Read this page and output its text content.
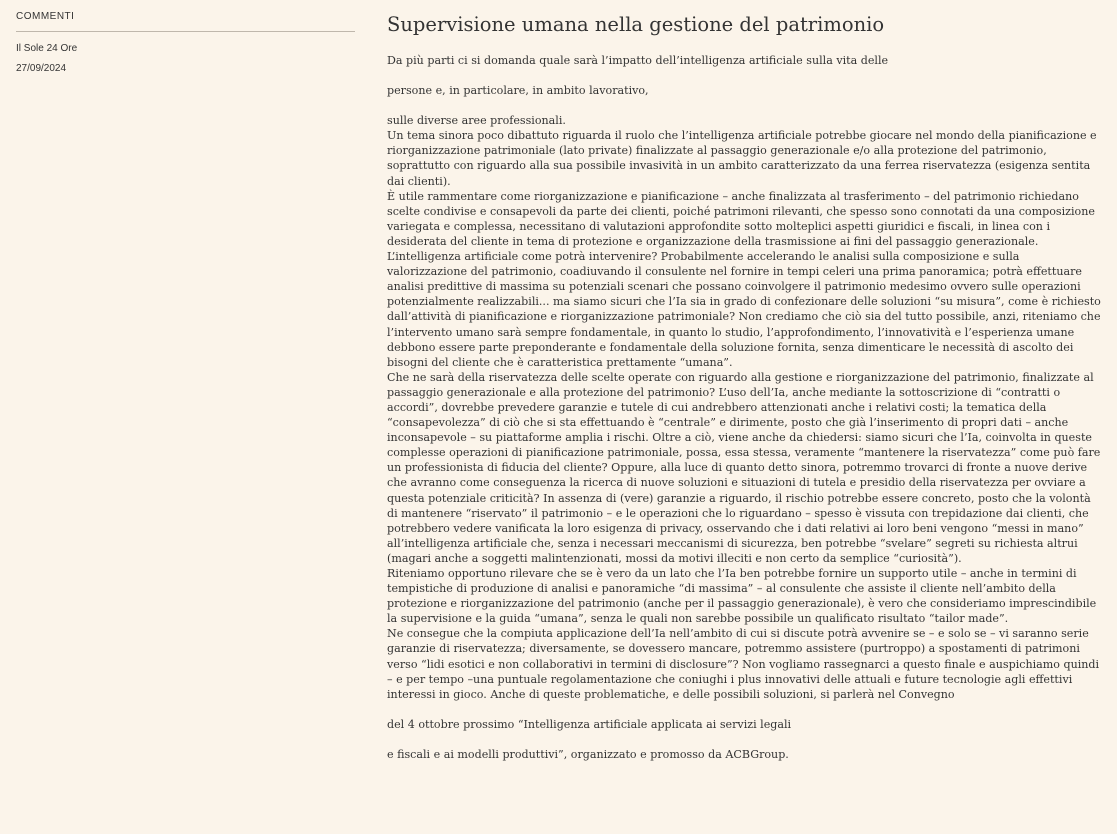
COMMENTI
Il Sole 24 Ore
27/09/2024
Supervisione umana nella gestione del patrimonio

Da più parti ci si domanda quale sarà l’impatto dell’intelligenza artificiale sulla vita delle

persone e, in particolare, in ambito lavorativo,

sulle diverse aree professionali.

Un tema sinora poco dibattuto riguarda il ruolo che l’intelligenza artificiale potrebbe giocare nel mondo della pianificazione e riorganizzazione patrimoniale (lato private) finalizzate al passaggio generazionale e/o alla protezione del patrimonio, soprattutto con riguardo alla sua possibile invasività in un ambito caratterizzato da una ferrea riservatezza (esigenza sentita dai clienti).

È utile rammentare come riorganizzazione e pianificazione – anche finalizzata al trasferimento – del patrimonio richiedano scelte condivise e consapevoli da parte dei clienti, poiché patrimoni rilevanti, che spesso sono connotati da una composizione variegata e complessa, necessitano di valutazioni approfondite sotto molteplici aspetti giuridici e fiscali, in linea con i desiderata del cliente in tema di protezione e organizzazione della trasmissione ai fini del passaggio generazionale.

L’intelligenza artificiale come potrà intervenire? Probabilmente accelerando le analisi sulla composizione e sulla valorizzazione del patrimonio, coadiuvando il consulente nel fornire in tempi celeri una prima panoramica; potrà effettuare analisi predittive di massima su potenziali scenari che possano coinvolgere il patrimonio medesimo ovvero sulle operazioni potenzialmente realizzabili... ma siamo sicuri che l’Ia sia in grado di confezionare delle soluzioni “su misura”, come è richiesto dall’attività di pianificazione e riorganizzazione patrimoniale? Non crediamo che ciò sia del tutto possibile, anzi, riteniamo che l’intervento umano sarà sempre fondamentale, in quanto lo studio, l’approfondimento, l’innovatività e l’esperienza umane debbono essere parte preponderante e fondamentale della soluzione fornita, senza dimenticare le necessità di ascolto dei bisogni del cliente che è caratteristica prettamente “umana”.

Che ne sarà della riservatezza delle scelte operate con riguardo alla gestione e riorganizzazione del patrimonio, finalizzate al passaggio generazionale e alla protezione del patrimonio? L’uso dell’Ia, anche mediante la sottoscrizione di “contratti o accordi”, dovrebbe prevedere garanzie e tutele di cui andrebbero attenzionati anche i relativi costi; la tematica della “consapevolezza” di ciò che si sta effettuando è “centrale” e dirimente, posto che già l’inserimento di propri dati – anche inconsapevole – su piattaforme amplia i rischi. Oltre a ciò, viene anche da chiedersi: siamo sicuri che l’Ia, coinvolta in queste complesse operazioni di pianificazione patrimoniale, possa, essa stessa, veramente “mantenere la riservatezza” come può fare un professionista di fiducia del cliente? Oppure, alla luce di quanto detto sinora, potremmo trovarci di fronte a nuove derive che avranno come conseguenza la ricerca di nuove soluzioni e situazioni di tutela e presidio della riservatezza per ovviare a questa potenziale criticità? In assenza di (vere) garanzie a riguardo, il rischio potrebbe essere concreto, posto che la volontà di mantenere “riservato” il patrimonio – e le operazioni che lo riguardano – spesso è vissuta con trepidazione dai clienti, che potrebbero vedere vanificata la loro esigenza di privacy, osservando che i dati relativi ai loro beni vengono “messi in mano” all’intelligenza artificiale che, senza i necessari meccanismi di sicurezza, ben potrebbe “svelare” segreti su richiesta altrui (magari anche a soggetti malintenzionati, mossi da motivi illeciti e non certo da semplice “curiosità”).

Riteniamo opportuno rilevare che se è vero da un lato che l’Ia ben potrebbe fornire un supporto utile – anche in termini di tempistiche di produzione di analisi e panoramiche “di massima” – al consulente che assiste il cliente nell’ambito della protezione e riorganizzazione del patrimonio (anche per il passaggio generazionale), è vero che consideriamo imprescindibile la supervisione e la guida “umana”, senza le quali non sarebbe possibile un qualificato risultato “tailor made”.

Ne consegue che la compiuta applicazione dell’Ia nell’ambito di cui si discute potrà avvenire se – e solo se – vi saranno serie garanzie di riservatezza; diversamente, se dovessero mancare, potremmo assistere (purtroppo) a spostamenti di patrimoni verso “lidi esotici e non collaborativi in termini di disclosure”? Non vogliamo rassegnarci a questo finale e auspichiamo quindi – e per tempo –una puntuale regolamentazione che coniughi i plus innovativi delle attuali e future tecnologie agli effettivi interessi in gioco. Anche di queste problematiche, e delle possibili soluzioni, si parlerà nel Convegno

del 4 ottobre prossimo “Intelligenza artificiale applicata ai servizi legali

e fiscali e ai modelli produttivi”, organizzato e promosso da ACBGroup.
